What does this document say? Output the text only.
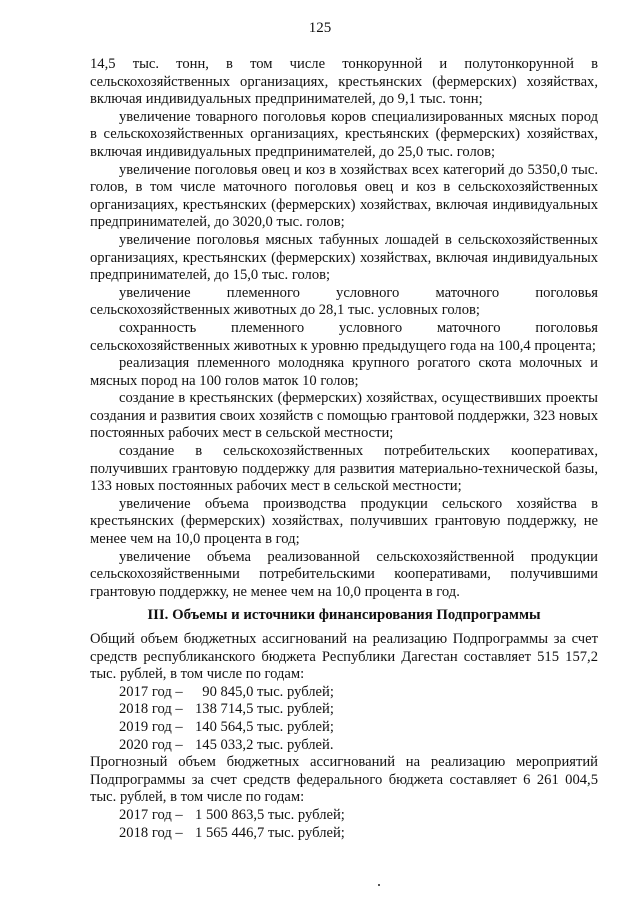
125

14,5 тыс. тонн, в том числе тонкорунной и полутонкорунной в сельскохозяйственных организациях, крестьянских (фермерских) хозяйствах, включая индивидуальных предпринимателей, до 9,1 тыс. тонн;

увеличение товарного поголовья коров специализированных мясных пород в сельскохозяйственных организациях, крестьянских (фермерских) хозяйствах, включая индивидуальных предпринимателей, до 25,0 тыс. голов;

увеличение поголовья овец и коз в хозяйствах всех категорий до 5350,0 тыс. голов, в том числе маточного поголовья овец и коз в сельскохозяйственных организациях, крестьянских (фермерских) хозяйствах, включая индивидуальных предпринимателей, до 3020,0 тыс. голов;

увеличение поголовья мясных табунных лошадей в сельскохозяйственных организациях, крестьянских (фермерских) хозяйствах, включая индивидуальных предпринимателей, до 15,0 тыс. голов;

увеличение племенного условного маточного поголовья сельскохозяйственных животных до 28,1 тыс. условных голов;

сохранность племенного условного маточного поголовья сельскохозяйственных животных к уровню предыдущего года на 100,4 процента;

реализация племенного молодняка крупного рогатого скота молочных и мясных пород на 100 голов маток 10 голов;

создание в крестьянских (фермерских) хозяйствах, осуществивших проекты создания и развития своих хозяйств с помощью грантовой поддержки, 323 новых постоянных рабочих мест в сельской местности;

создание в сельскохозяйственных потребительских кооперативах, получивших грантовую поддержку для развития материально-технической базы, 133 новых постоянных рабочих мест в сельской местности;

увеличение объема производства продукции сельского хозяйства в крестьянских (фермерских) хозяйствах, получивших грантовую поддержку, не менее чем на 10,0 процента в год;

увеличение объема реализованной сельскохозяйственной продукции сельскохозяйственными потребительскими кооперативами, получившими грантовую поддержку, не менее чем на 10,0 процента в год.

III. Объемы и источники финансирования Подпрограммы

Общий объем бюджетных ассигнований на реализацию Подпрограммы за счет средств республиканского бюджета Республики Дагестан составляет 515 157,2 тыс. рублей, в том числе по годам:

2017 год – 90 845,0 тыс. рублей;
2018 год – 138 714,5 тыс. рублей;
2019 год – 140 564,5 тыс. рублей;
2020 год – 145 033,2 тыс. рублей.

Прогнозный объем бюджетных ассигнований на реализацию мероприятий Подпрограммы за счет средств федерального бюджета составляет 6 261 004,5 тыс. рублей, в том числе по годам:

2017 год – 1 500 863,5 тыс. рублей;
2018 год – 1 565 446,7 тыс. рублей;
